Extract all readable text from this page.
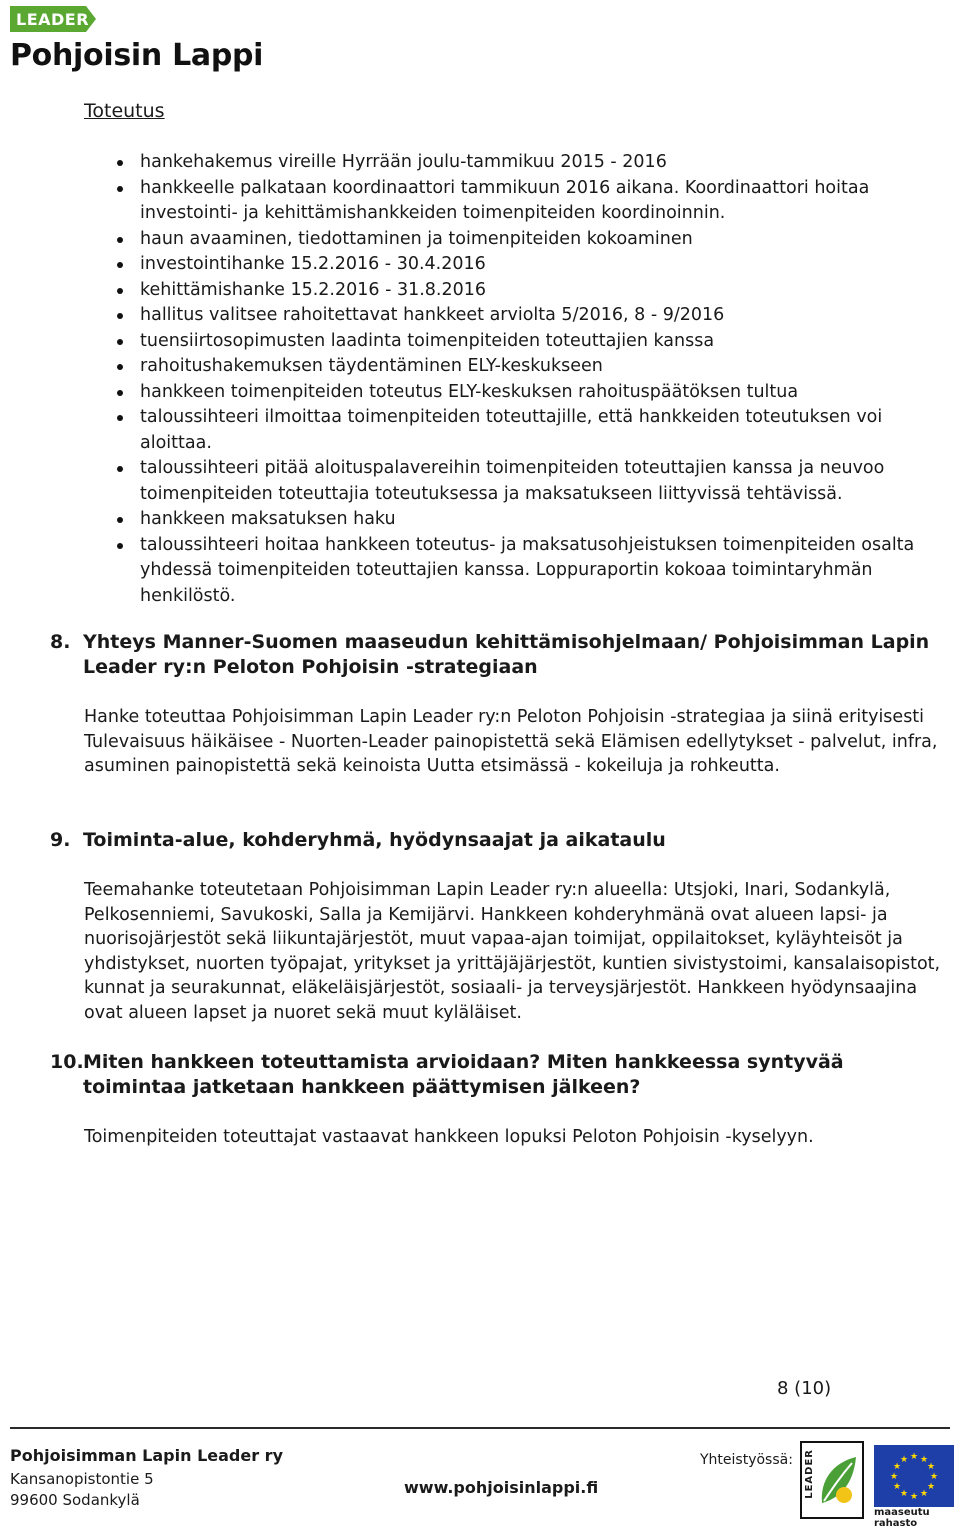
LEADER
Pohjoisin Lappi
Toteutus
hankehakemus vireille Hyrrään joulu-tammikuu 2015 - 2016
hankkeelle palkataan koordinaattori tammikuun 2016 aikana. Koordinaattori hoitaa investointi- ja kehittämishankkeiden toimenpiteiden koordinoinnin.
haun avaaminen, tiedottaminen ja toimenpiteiden kokoaminen
investointihanke 15.2.2016 - 30.4.2016
kehittämishanke 15.2.2016 - 31.8.2016
hallitus valitsee rahoitettavat hankkeet arviolta 5/2016, 8 - 9/2016
tuensiirtosopimusten laadinta toimenpiteiden toteuttajien kanssa
rahoitushakemuksen täydentäminen ELY-keskukseen
hankkeen toimenpiteiden toteutus ELY-keskuksen rahoituspäätöksen tultua
taloussihteeri ilmoittaa toimenpiteiden toteuttajille, että hankkeiden toteutuksen voi aloittaa.
taloussihteeri pitää aloituspalavereihin toimenpiteiden toteuttajien kanssa ja neuvoo toimenpiteiden toteuttajia toteutuksessa ja maksatukseen liittyvissä tehtävissä.
hankkeen maksatuksen haku
taloussihteeri hoitaa hankkeen toteutus- ja maksatusohjeistuksen toimenpiteiden osalta yhdessä toimenpiteiden toteuttajien kanssa. Loppuraportin kokoaa toimintaryhmän henkilöstö.
8. Yhteys Manner-Suomen maaseudun kehittämisohjelmaan/ Pohjoisimman Lapin Leader ry:n Peloton Pohjoisin -strategiaan
Hanke toteuttaa Pohjoisimman Lapin Leader ry:n Peloton Pohjoisin -strategiaa ja siinä erityisesti Tulevaisuus häikäisee - Nuorten-Leader painopistettä sekä Elämisen edellytykset - palvelut, infra, asuminen painopistettä sekä keinoista Uutta etsimässä - kokeiluja ja rohkeutta.
9. Toiminta-alue, kohderyhmä, hyödynsaajat ja aikataulu
Teemahanke toteutetaan Pohjoisimman Lapin Leader ry:n alueella: Utsjoki, Inari, Sodankylä, Pelkosenniemi, Savukoski, Salla ja Kemijärvi. Hankkeen kohderyhmänä ovat alueen lapsi- ja nuorisojärjestöt sekä liikuntajärjestöt, muut vapaa-ajan toimijat, oppilaitokset, kyläyhteisöt ja yhdistykset, nuorten työpajat, yritykset ja yrittäjäjärjestöt, kuntien sivistystoimi, kansalaisopistot, kunnat ja seurakunnat, eläkeläisjärjestöt, sosiaali- ja terveysjärjestöt. Hankkeen hyödynsaajina ovat alueen lapset ja nuoret sekä muut kyläläiset.
10. Miten hankkeen toteuttamista arvioidaan? Miten hankkeessa syntyvää toimintaa jatketaan hankkeen päättymisen jälkeen?
Toimenpiteiden toteuttajat vastaavat hankkeen lopuksi Peloton Pohjoisin -kyselyyn.
8 (10)
Pohjoisimman Lapin Leader ry
Kansanopistontie 5
99600 Sodankylä
www.pohjoisinlappi.fi
Yhteistyössä: LEADER	★ ★
★
★
★
★
★
★
★
★
★
★
maaseutu rahasto
